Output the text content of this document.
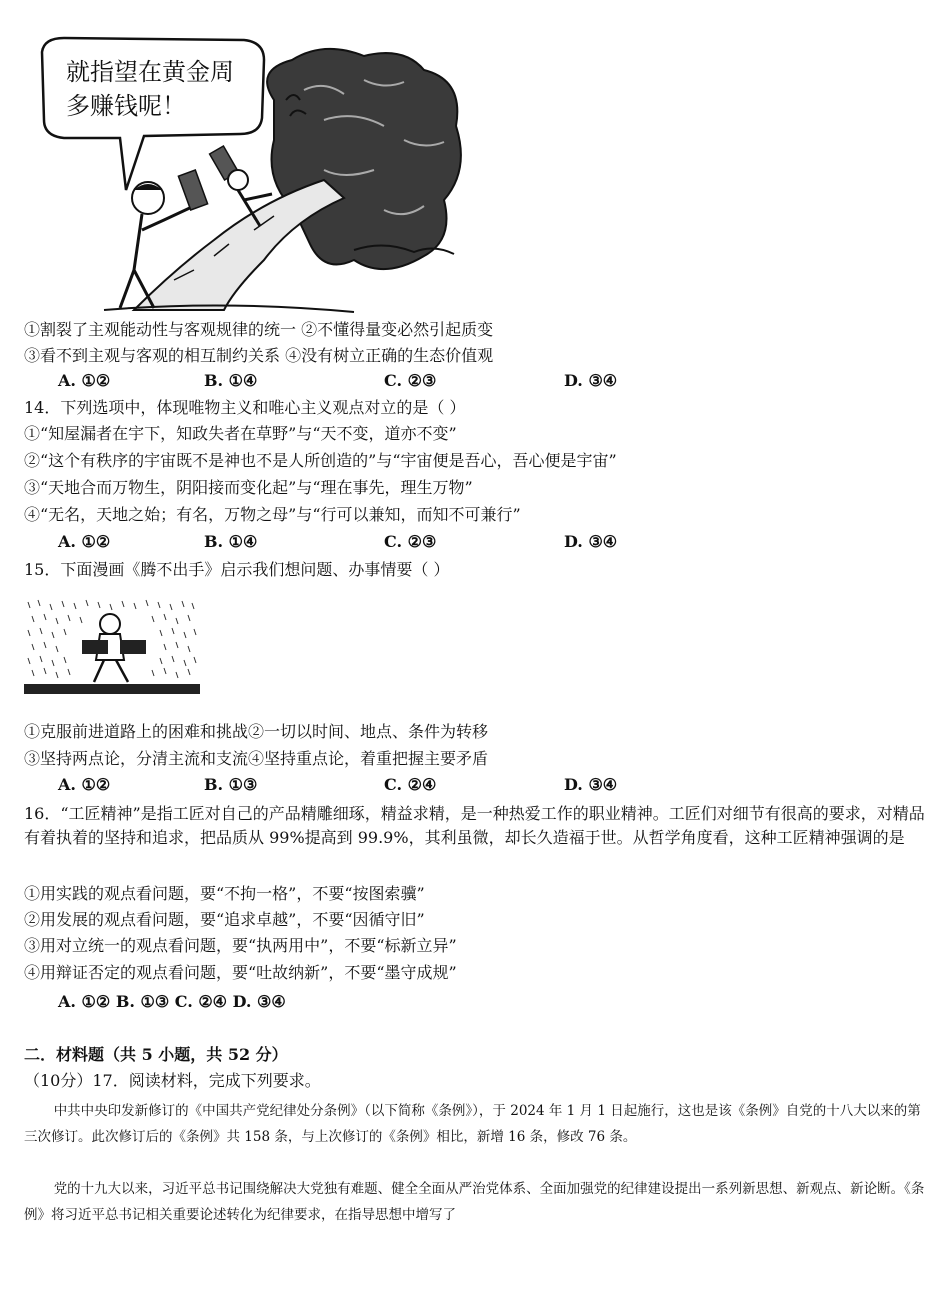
就指望在黄金周
多赚钱呢！
①割裂了主观能动性与客观规律的统一 ②不懂得量变必然引起质变
③看不到主观与客观的相互制约关系 ④没有树立正确的生态价值观
A. ①②	B. ①④	C. ②③	D. ③④
14．下列选项中，体现唯物主义和唯心主义观点对立的是（ ）
①“知屋漏者在宇下，知政失者在草野”与“天不变，道亦不变”
②“这个有秩序的宇宙既不是神也不是人所创造的”与“宇宙便是吾心，吾心便是宇宙”
③“天地合而万物生，阴阳接而变化起”与“理在事先，理生万物”
④“无名，天地之始；有名，万物之母”与“行可以兼知，而知不可兼行”
A. ①②	B. ①④	C. ②③	D. ③④
15．下面漫画《腾不出手》启示我们想问题、办事情要（ ）
①克服前进道路上的困难和挑战②一切以时间、地点、条件为转移
③坚持两点论，分清主流和支流④坚持重点论，着重把握主要矛盾
A. ①②	B. ①③	C. ②④	D. ③④
16．“工匠精神”是指工匠对自己的产品精雕细琢，精益求精，是一种热爱工作的职业精神。工匠们对细节有很高的要求，对精品有着执着的坚持和追求，把品质从 99%提高到 99.9%，其利虽微，却长久造福于世。从哲学角度看，这种工匠精神强调的是
①用实践的观点看问题，要“不拘一格”，不要“按图索骥”
②用发展的观点看问题，要“追求卓越”，不要“因循守旧”
③用对立统一的观点看问题，要“执两用中”，不要“标新立异”
④用辩证否定的观点看问题，要“吐故纳新”，不要“墨守成规”
A. ①② B. ①③ C. ②④ D. ③④
二．材料题（共 5 小题，共 52 分）
（10分）17．阅读材料，完成下列要求。
中共中央印发新修订的《中国共产党纪律处分条例》（以下简称《条例》），于 2024 年 1 月 1 日起施行，这也是该《条例》自党的十八大以来的第三次修订。此次修订后的《条例》共 158 条，与上次修订的《条例》相比，新增 16 条，修改 76 条。
党的十九大以来，习近平总书记围绕解决大党独有难题、健全全面从严治党体系、全面加强党的纪律建设提出一系列新思想、新观点、新论断。《条例》将习近平总书记相关重要论述转化为纪律要求，在指导思想中增写了
